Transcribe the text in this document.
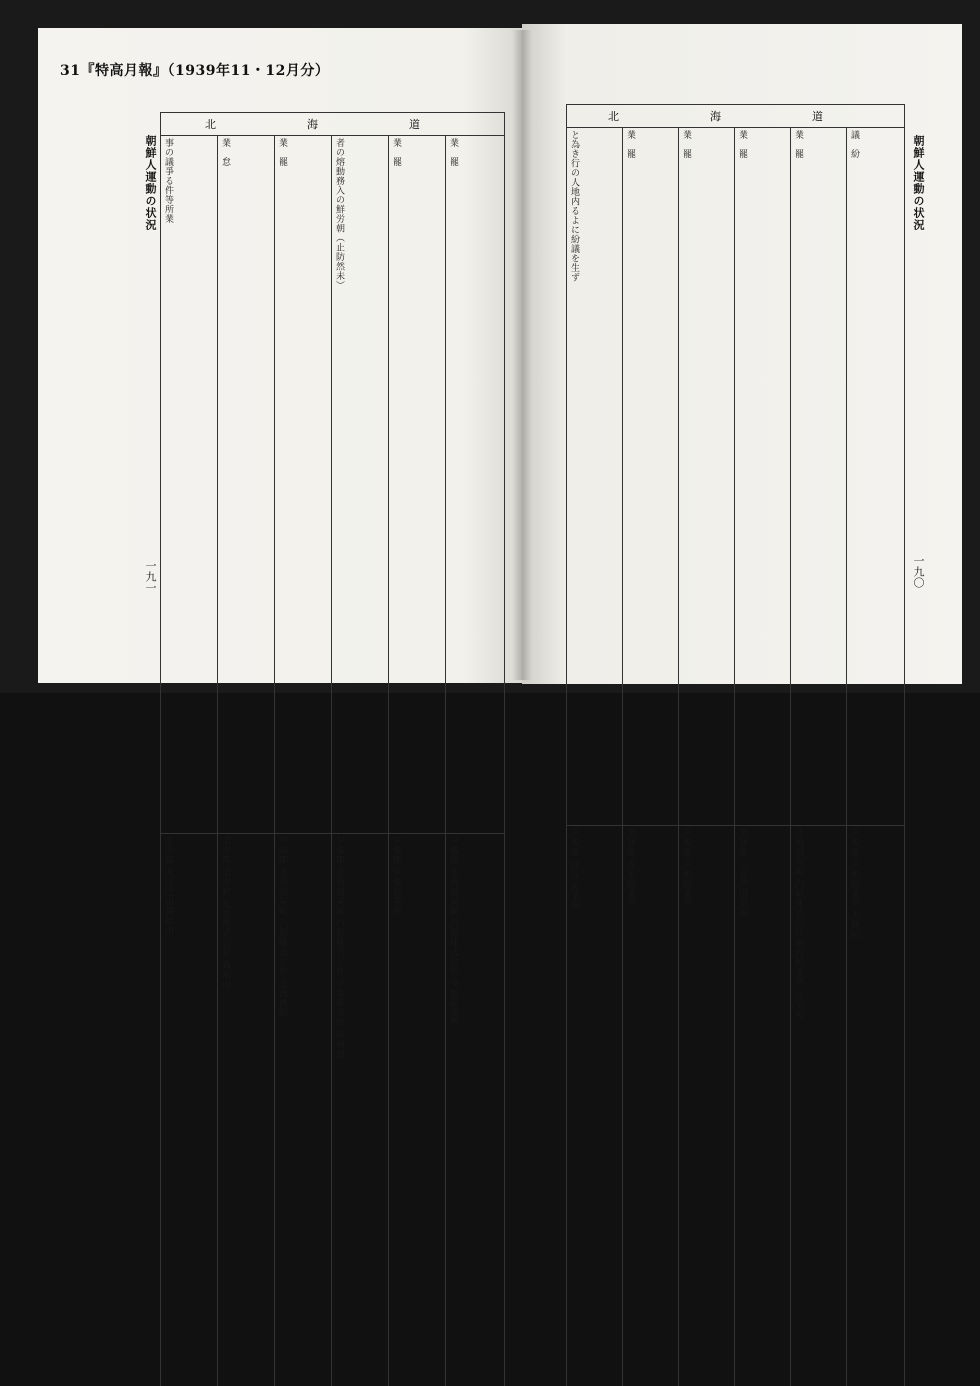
31『特高月報』（1939年11・12月分）
朝鮮人運動の状況
一九一
北　海　道					

事の議爭る件等所業	業　怠	業　罷	者の熔動務入の鮮労朝（止防然未）	業　罷	業　罷

		朝鮮人運動の状況
一九〇
北　海　道					

と為き行の人地内るよに紛議を生ず	業　罷	業　罷	業　罷	業　罷	議　紛
